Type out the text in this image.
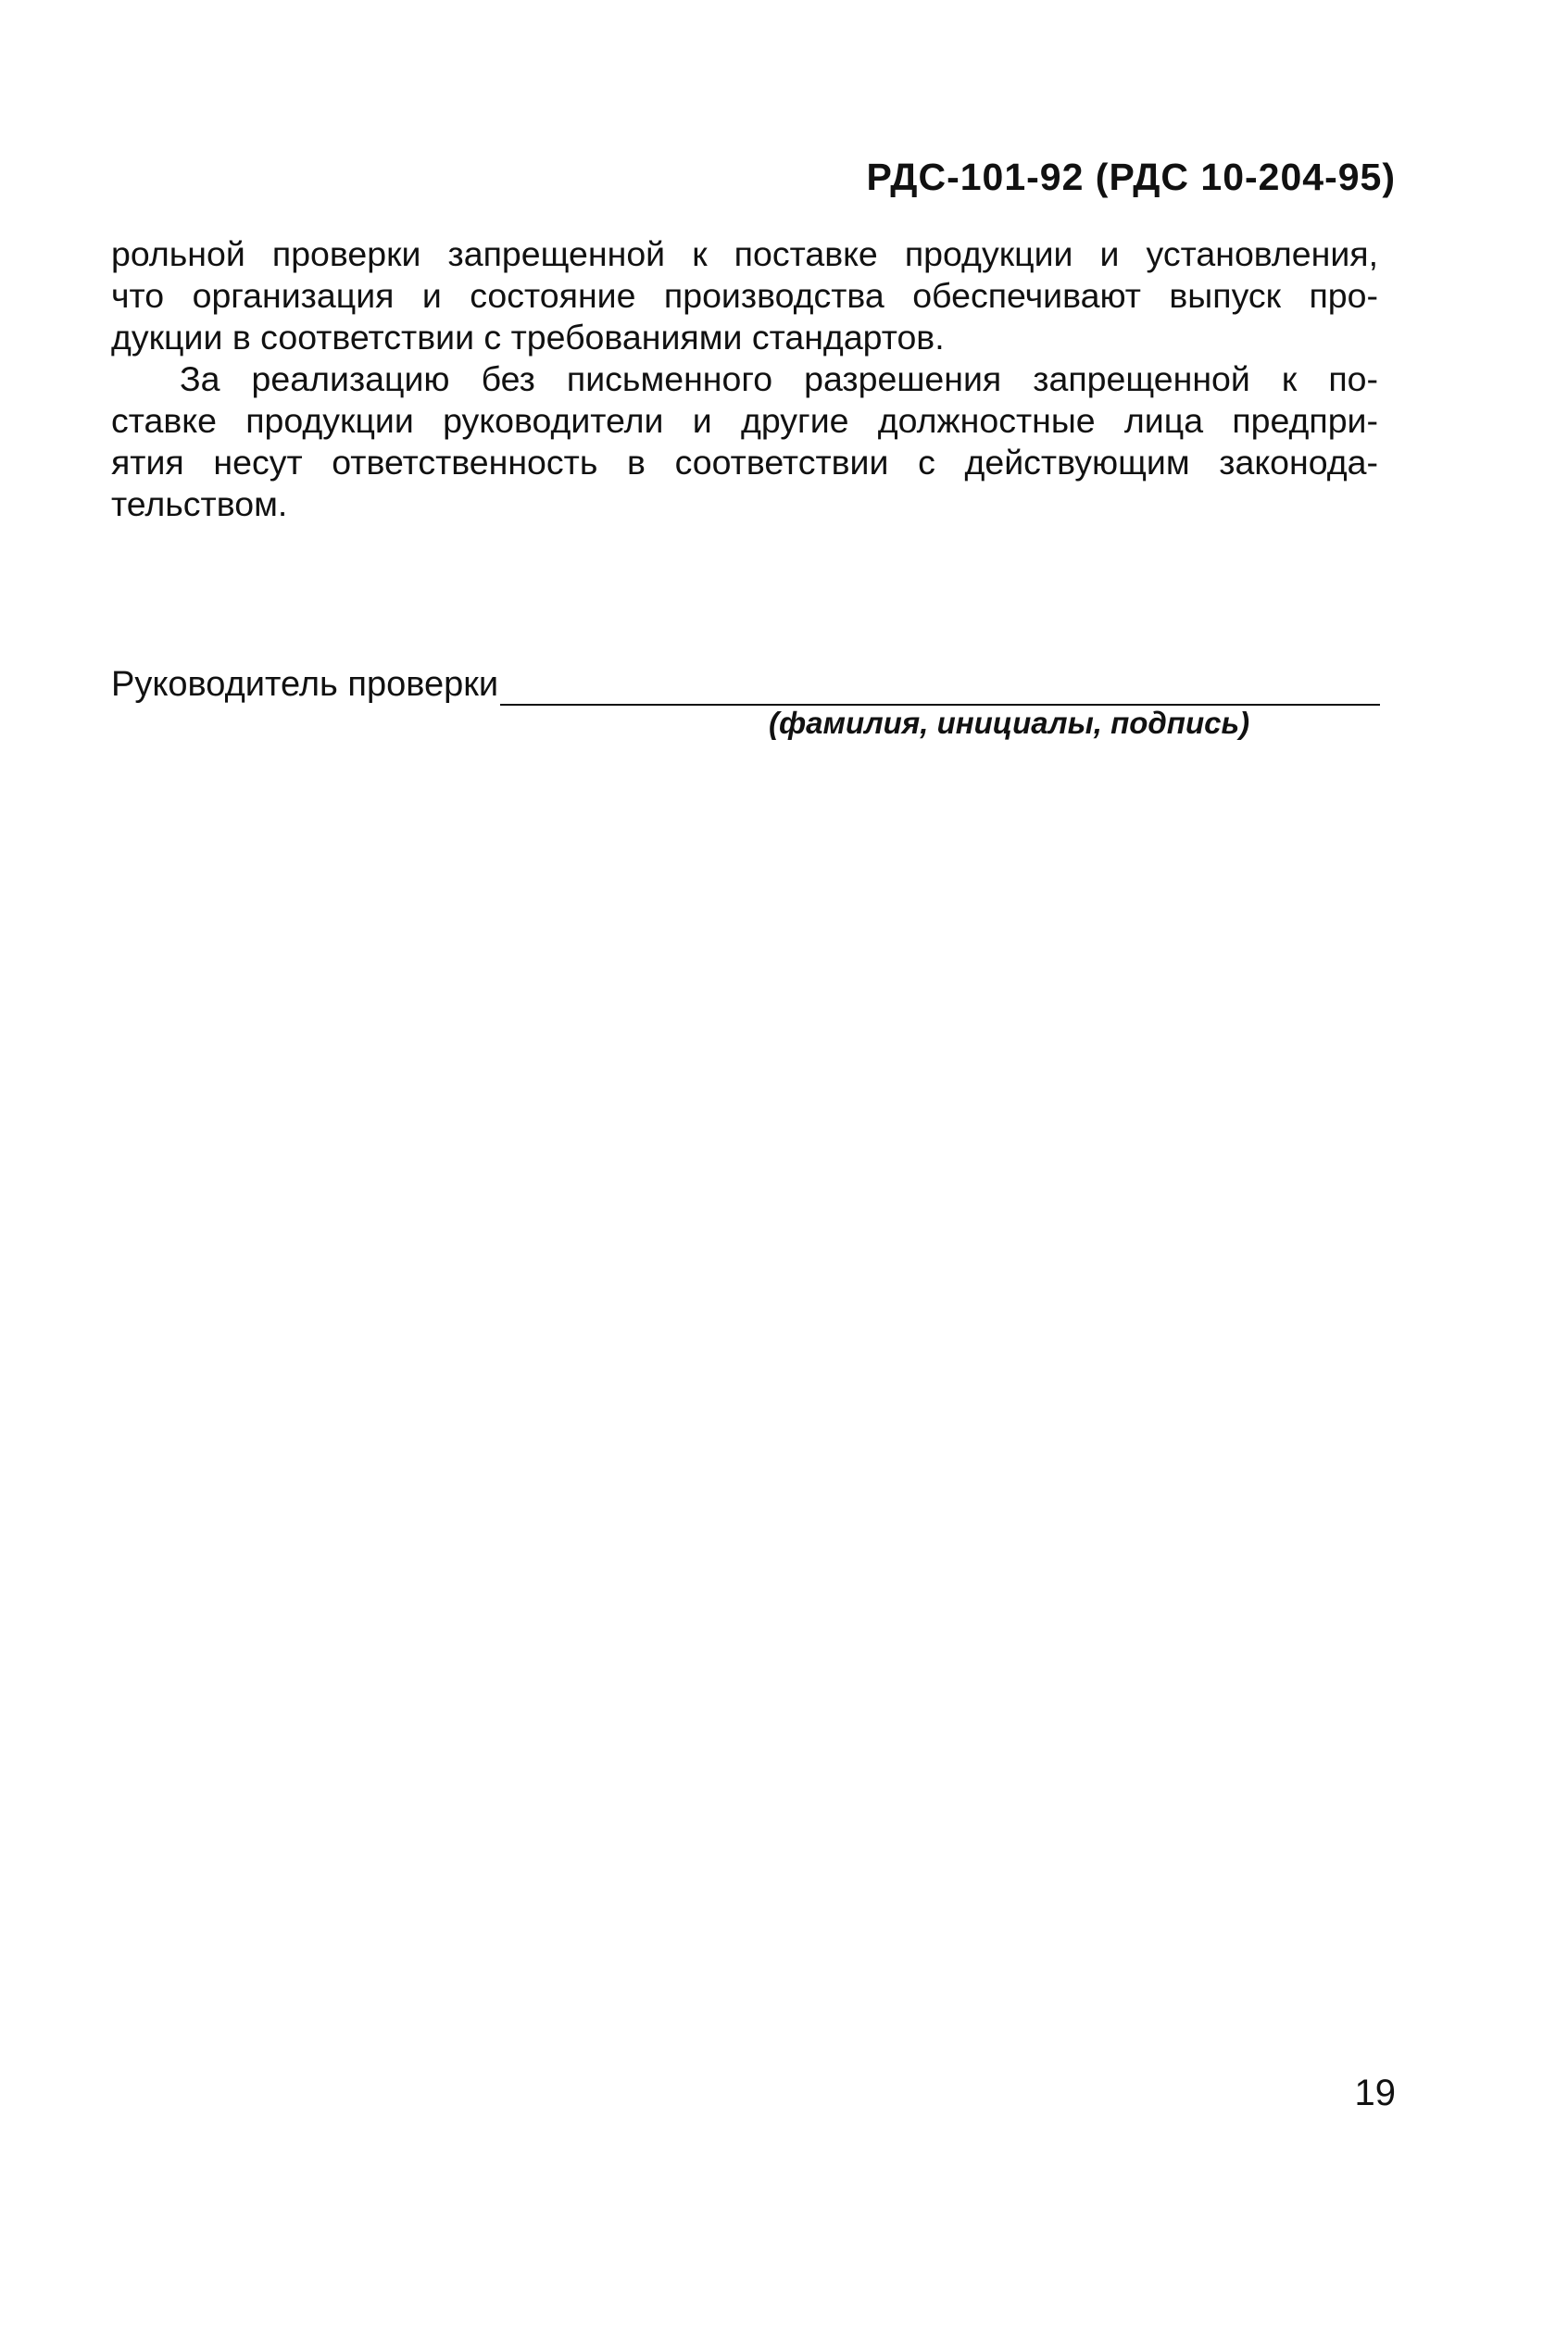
РДС-101-92 (РДС 10-204-95)
рольной проверки запрещенной к поставке продукции и установления,
что организация и состояние производства обеспечивают выпуск про-
дукции в соответствии с требованиями стандартов.
За реализацию без письменного разрешения запрещенной к по-
ставке продукции руководители и другие должностные лица предпри-
ятия несут ответственность в соответствии с действующим законода-
тельством.
Руководитель проверки
(фамилия, инициалы, подпись)
19
